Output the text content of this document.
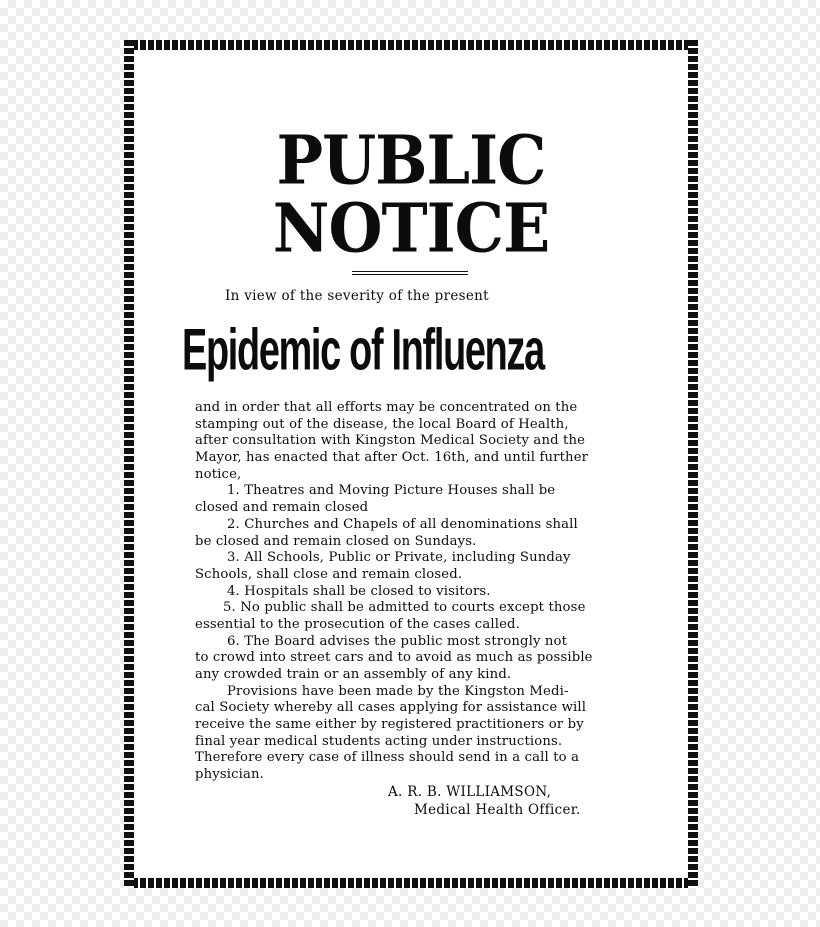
PUBLIC
NOTICE
In view of the severity of the present
Epidemic of Influenza
and in order that all efforts may be concentrated on the
stamping out of the disease, the local Board of Health,
after consultation with Kingston Medical Society and the
Mayor, has enacted that after Oct. 16th, and until further
notice,
1. Theatres and Moving Picture Houses shall be
closed and remain closed
2. Churches and Chapels of all denominations shall
be closed and remain closed on Sundays.
3. All Schools, Public or Private, including Sunday
Schools, shall close and remain closed.
4. Hospitals shall be closed to visitors.
5. No public shall be admitted to courts except those
essential to the prosecution of the cases called.
6. The Board advises the public most strongly not
to crowd into street cars and to avoid as much as possible
any crowded train or an assembly of any kind.
Provisions have been made by the Kingston Medi-
cal Society whereby all cases applying for assistance will
receive the same either by registered practitioners or by
final year medical students acting under instructions.
Therefore every case of illness should send in a call to a
physician.
A. R. B. WILLIAMSON,
Medical Health Officer.
